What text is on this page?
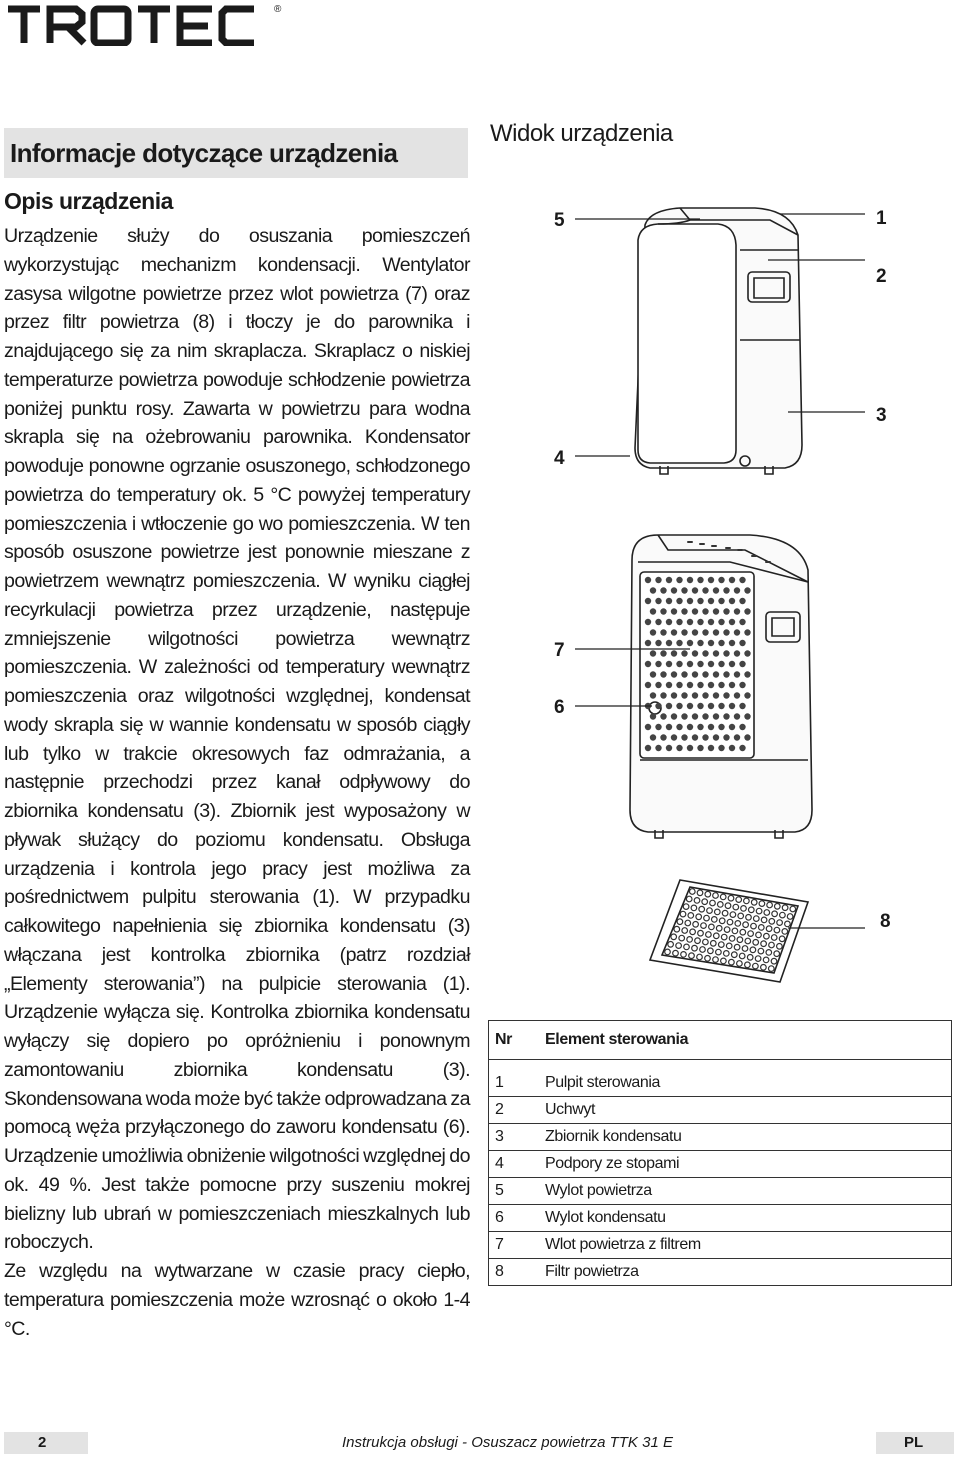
®
Informacje dotyczące urządzenia
Opis urządzenia

Urządzenie służy do osuszania pomieszczeń wykorzystując mechanizm kondensacji. Wentylator zasysa wilgotne powietrze przez wlot powietrza (7) oraz przez filtr powietrza (8) i tłoczy je do parownika i znajdującego się za nim skraplacza. Skraplacz o niskiej temperaturze powietrza powoduje schłodzenie powietrza poniżej punktu rosy. Zawarta w powietrzu para wodna skrapla się na ożebrowaniu parownika. Kondensator powoduje ponowne ogrzanie osuszonego, schłodzonego powietrza do temperatury ok. 5 °C powyżej temperatury pomieszczenia i wtłoczenie go wo pomieszczenia. W ten sposób osuszone powietrze jest ponownie mieszane z powietrzem wewnątrz pomieszczenia. W wyniku ciągłej recyrkulacji powietrza przez urządzenie, następuje zmniejszenie wilgotności powietrza wewnątrz pomieszczenia. W zależności od temperatury wewnątrz pomieszczenia oraz wilgotności względnej, kondensat wody skrapla się w wannie kondensatu w sposób ciągły lub tylko w trakcie okresowych faz odmrażania, a następnie przechodzi przez kanał odpływowy do zbiornika kondensatu (3). Zbiornik jest wyposażony w pływak służący do poziomu kondensatu. Obsługa urządzenia i kontrola jego pracy jest możliwa za pośrednictwem pulpitu sterowania (1). W przypadku całkowitego napełnienia się zbiornika kondensatu (3) włączana jest kontrolka zbiornika (patrz rozdział „Elementy sterowania”) na pulpicie sterowania (1). Urządzenie wyłącza się. Kontrolka zbiornika kondensatu wyłączy się dopiero po opróżnieniu i ponownym zamontowaniu zbiornika kondensatu (3). Skondensowana woda może być także odprowadzana za pomocą węża przyłączonego do zaworu kondensatu (6). Urządzenie umożliwia obniżenie wilgotności względnej do ok. 49 %. Jest także pomocne przy suszeniu mokrej bielizny lub ubrań w pomieszczeniach mieszkalnych lub roboczych.

Ze względu na wytwarzane w czasie pracy ciepło, temperatura pomieszczenia może wzrosnąć o około 1-4 °C.

Widok urządzenia
5	1
2
3
4
7
6
8
Nr	Element sterowania

1	Pulpit sterowania
2	Uchwyt
3	Zbiornik kondensatu
4	Podpory ze stopami
5	Wylot powietrza
6	Wylot kondensatu
7	Wlot powietrza z filtrem
8	Filtr powietrza
2	Instrukcja obsługi - Osuszacz powietrza TTK 31 E	PL
